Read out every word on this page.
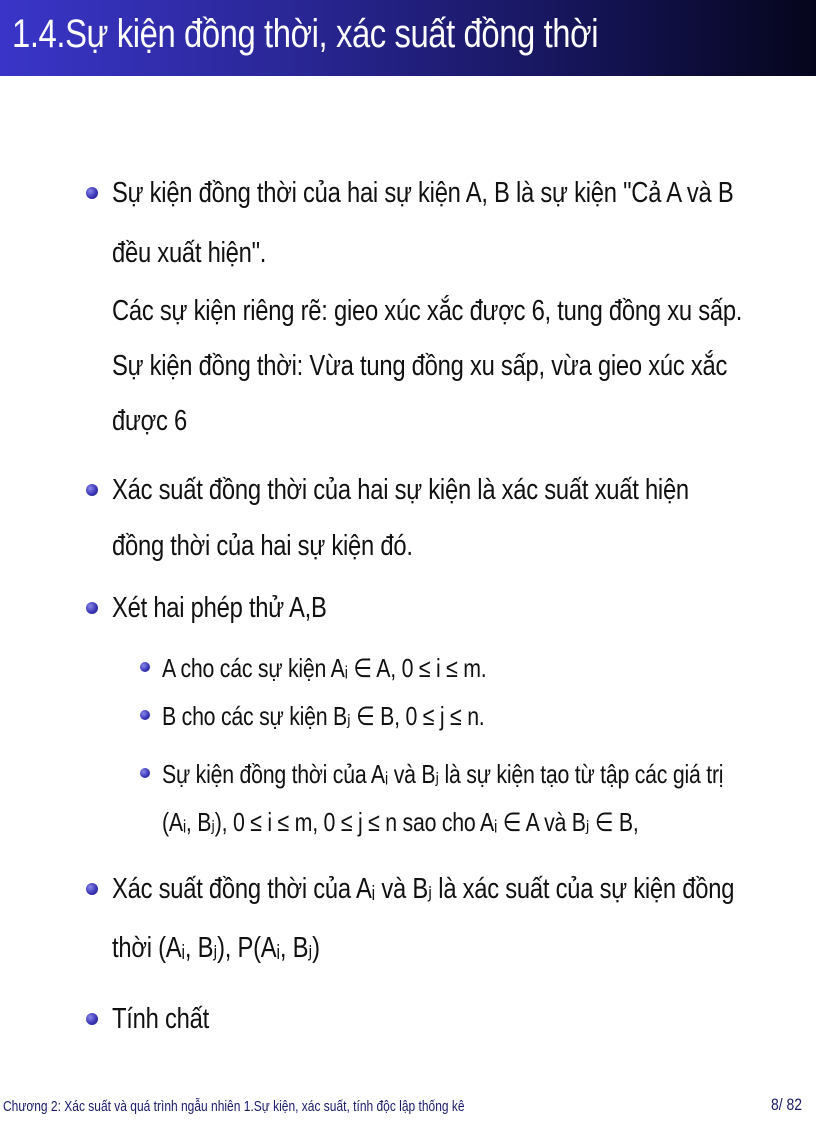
1.4.Sự kiện đồng thời, xác suất đồng thời
Sự kiện đồng thời của hai sự kiện A, B là sự kiện "Cả A và B
đều xuất hiện".
Các sự kiện riêng rẽ: gieo xúc xắc được 6, tung đồng xu sấp.
Sự kiện đồng thời: Vừa tung đồng xu sấp, vừa gieo xúc xắc
được 6
Xác suất đồng thời của hai sự kiện là xác suất xuất hiện
đồng thời của hai sự kiện đó.
Xét hai phép thử A,B
A cho các sự kiện Aᵢ ∈ A, 0 ≤ i ≤ m.
B cho các sự kiện Bⱼ ∈ B, 0 ≤ j ≤ n.
Sự kiện đồng thời của Aᵢ và Bⱼ là sự kiện tạo từ tập các giá trị
(Aᵢ, Bⱼ), 0 ≤ i ≤ m, 0 ≤ j ≤ n sao cho Aᵢ ∈ A và Bⱼ ∈ B,
Xác suất đồng thời của Aᵢ và Bⱼ là xác suất của sự kiện đồng
thời (Aᵢ, Bⱼ), P(Aᵢ, Bⱼ)
Tính chất
Chương 2: Xác suất và quá trình ngẫu nhiên 1.Sự kiện, xác suất, tính độc lập thống kê	8/ 82
